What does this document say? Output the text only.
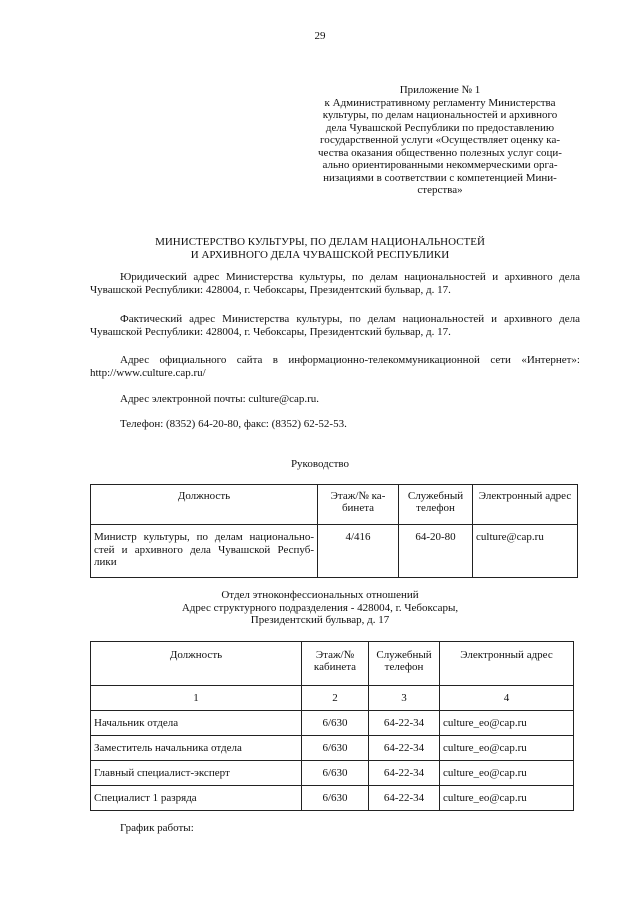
29
Приложение № 1
к Административному регламенту Министерства
культуры, по делам национальностей и архивного
дела Чувашской Республики по предоставлению
государственной услуги «Осуществляет оценку ка-
чества оказания общественно полезных услуг соци-
ально ориентированными некоммерческими орга-
низациями в соответствии с компетенцией Мини-
стерства»
МИНИСТЕРСТВО КУЛЬТУРЫ, ПО ДЕЛАМ НАЦИОНАЛЬНОСТЕЙ
И АРХИВНОГО ДЕЛА ЧУВАШСКОЙ РЕСПУБЛИКИ
Юридический адрес Министерства культуры, по делам национальностей и архивного дела Чувашской Республики: 428004, г. Чебоксары, Президентский бульвар, д. 17.
Фактический адрес Министерства культуры, по делам национальностей и архивного дела Чувашской Республики: 428004, г. Чебоксары, Президентский бульвар, д. 17.
Адрес официального сайта в информационно-телекоммуникационной сети «Интернет»: http://www.culture.cap.ru/
Адрес электронной почты: culture@cap.ru.
Телефон: (8352) 64-20-80, факс: (8352) 62-52-53.
Руководство
Должность	Этаж/№ ка-бинета	Служебный телефон	Электронный адрес
Министр культуры, по делам национально-стей и архивного дела Чувашской Респуб-лики	4/416	64-20-80	culture@cap.ru
Отдел этноконфессиональных отношений
Адрес структурного подразделения - 428004, г. Чебоксары,
Президентский бульвар, д. 17
Должность	Этаж/№ кабинета	Служебный телефон	Электронный адрес
1	2	3	4
Начальник отдела	6/630	64-22-34	culture_eo@cap.ru
Заместитель начальника отдела	6/630	64-22-34	culture_eo@cap.ru
Главный специалист-эксперт	6/630	64-22-34	culture_eo@cap.ru
Специалист 1 разряда	6/630	64-22-34	culture_eo@cap.ru
График работы:
